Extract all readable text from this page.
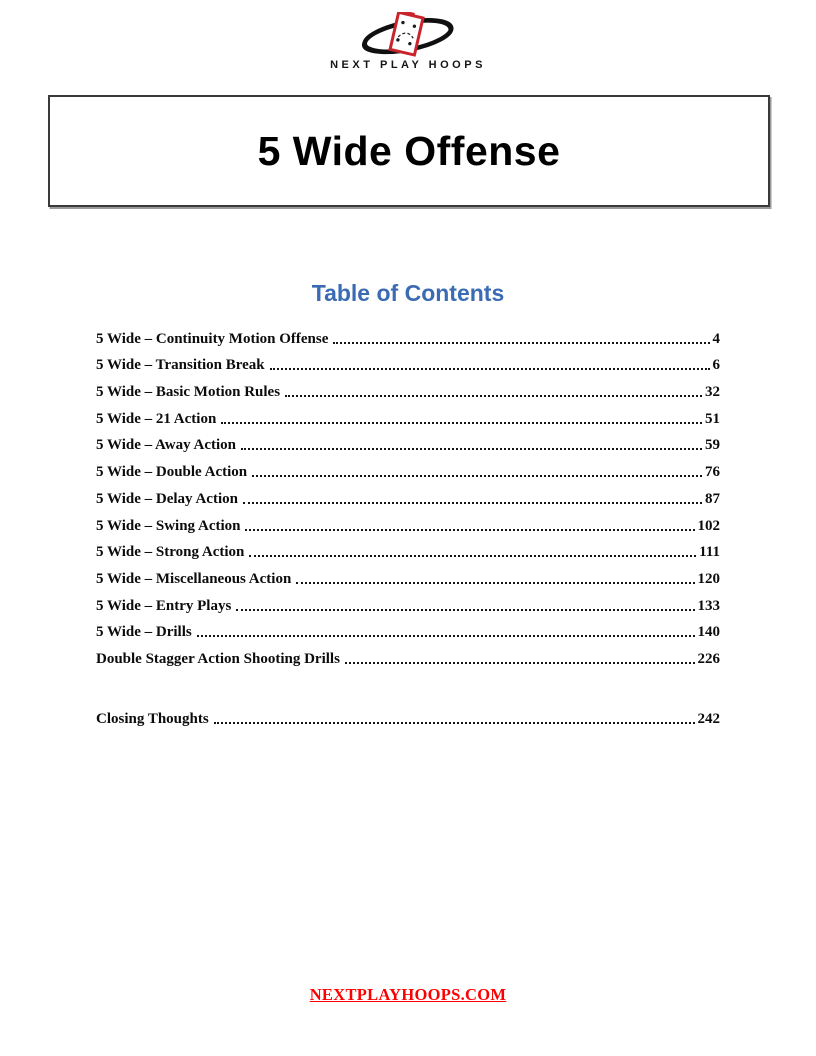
NEXT PLAY HOOPS
5 Wide Offense
Table of Contents
5 Wide – Continuity Motion Offense	4
5 Wide – Transition Break	6
5 Wide – Basic Motion Rules	32
5 Wide – 21 Action	51
5 Wide – Away Action	59
5 Wide – Double Action	76
5 Wide – Delay Action	87
5 Wide – Swing Action	102
5 Wide – Strong Action	111
5 Wide – Miscellaneous Action	120
5 Wide – Entry Plays	133
5 Wide – Drills	140
Double Stagger Action Shooting Drills	226
Closing Thoughts	242
NEXTPLAYHOOPS.COM
